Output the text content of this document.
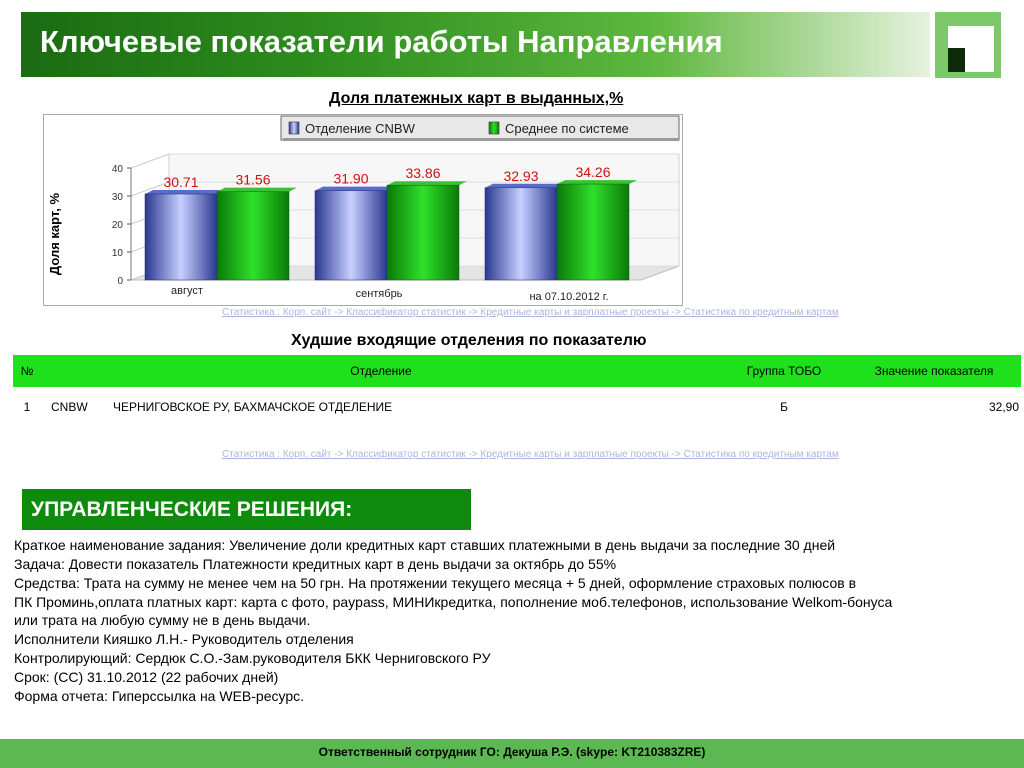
Ключевые показатели работы Направления
Доля платежных карт в выданных,%
0
10
20
30
40
Доля карт, %
30.71	31.56
август
31.90	33.86
сентябрь
32.93	34.26
на 07.10.2012 г.
Отделение CNBW	Среднее по системе
Статистика : Корп. сайт -> Классификатор статистик -> Кредитные карты и зарплатные проекты -> Статистика по кредитным картам
Худшие входящие отделения по показателю
№	Отделение	Группа ТОБО	Значение показателя
1	CNBW ЧЕРНИГОВСКОЕ РУ, БАХМАЧСКОЕ ОТДЕЛЕНИЕ	Б	32,90
Статистика : Корп. сайт -> Классификатор статистик -> Кредитные карты и зарплатные проекты -> Статистика по кредитным картам
УПРАВЛЕНЧЕСКИЕ РЕШЕНИЯ:
Краткое наименование задания: Увеличение доли кредитных карт ставших платежными в день выдачи за последние 30 дней
Задача: Довести показатель Платежности кредитных карт в день выдачи за октябрь до 55%
Средства: Трата на сумму не менее чем на 50 грн. На протяжении текущего месяца + 5 дней, оформление страховых полюсов в
ПК Проминь,оплата платных карт: карта с фото, paypass, МИНИкредитка, пополнение моб.телефонов, использование Welkom-бонуса
или трата на любую сумму не в день выдачи.
Исполнители Кияшко Л.Н.- Руководитель отделения
Контролирующий: Сердюк С.О.-Зам.руководителя БКК Черниговского РУ
Срок: (СС) 31.10.2012 (22 рабочих дней)
Форма отчета: Гиперссылка на WEB-ресурс.
Ответственный сотрудник ГО: Декуша Р.Э. (skype: KT210383ZRE)
